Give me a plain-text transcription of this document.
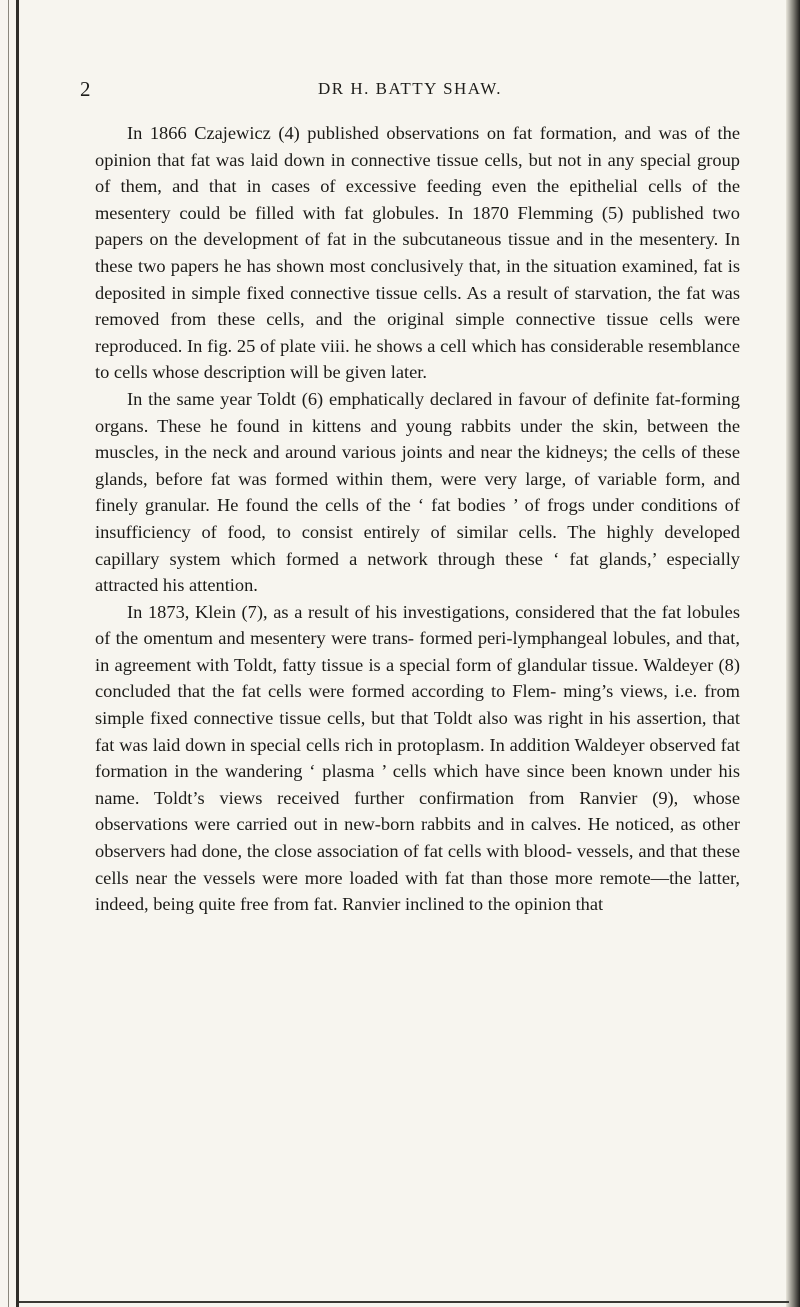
2	DR H. BATTY SHAW.

In 1866 Czajewicz (4) published observations on fat formation, and was of the opinion that fat was laid down in connective tissue cells, but not in any special group of them, and that in cases of excessive feeding even the epithelial cells of the mesentery could be filled with fat globules. In 1870 Flemming (5) published two papers on the development of fat in the subcutaneous tissue and in the mesentery. In these two papers he has shown most conclusively that, in the situation examined, fat is deposited in simple fixed connective tissue cells. As a result of starvation, the fat was removed from these cells, and the original simple connective tissue cells were reproduced. In fig. 25 of plate viii. he shows a cell which has considerable resemblance to cells whose description will be given later.

In the same year Toldt (6) emphatically declared in favour of definite fat-forming organs. These he found in kittens and young rabbits under the skin, between the muscles, in the neck and around various joints and near the kidneys; the cells of these glands, before fat was formed within them, were very large, of variable form, and finely granular. He found the cells of the ‘ fat bodies ’ of frogs under conditions of insufficiency of food, to consist entirely of similar cells. The highly developed capillary system which formed a network through these ‘ fat glands,’ especially attracted his attention.

In 1873, Klein (7), as a result of his investigations, considered that the fat lobules of the omentum and mesentery were trans- formed peri-lymphangeal lobules, and that, in agreement with Toldt, fatty tissue is a special form of glandular tissue. Waldeyer (8) concluded that the fat cells were formed according to Flem- ming’s views, i.e. from simple fixed connective tissue cells, but that Toldt also was right in his assertion, that fat was laid down in special cells rich in protoplasm. In addition Waldeyer observed fat formation in the wandering ‘ plasma ’ cells which have since been known under his name. Toldt’s views received further confirmation from Ranvier (9), whose observations were carried out in new-born rabbits and in calves. He noticed, as other observers had done, the close association of fat cells with blood- vessels, and that these cells near the vessels were more loaded with fat than those more remote—the latter, indeed, being quite free from fat. Ranvier inclined to the opinion that
